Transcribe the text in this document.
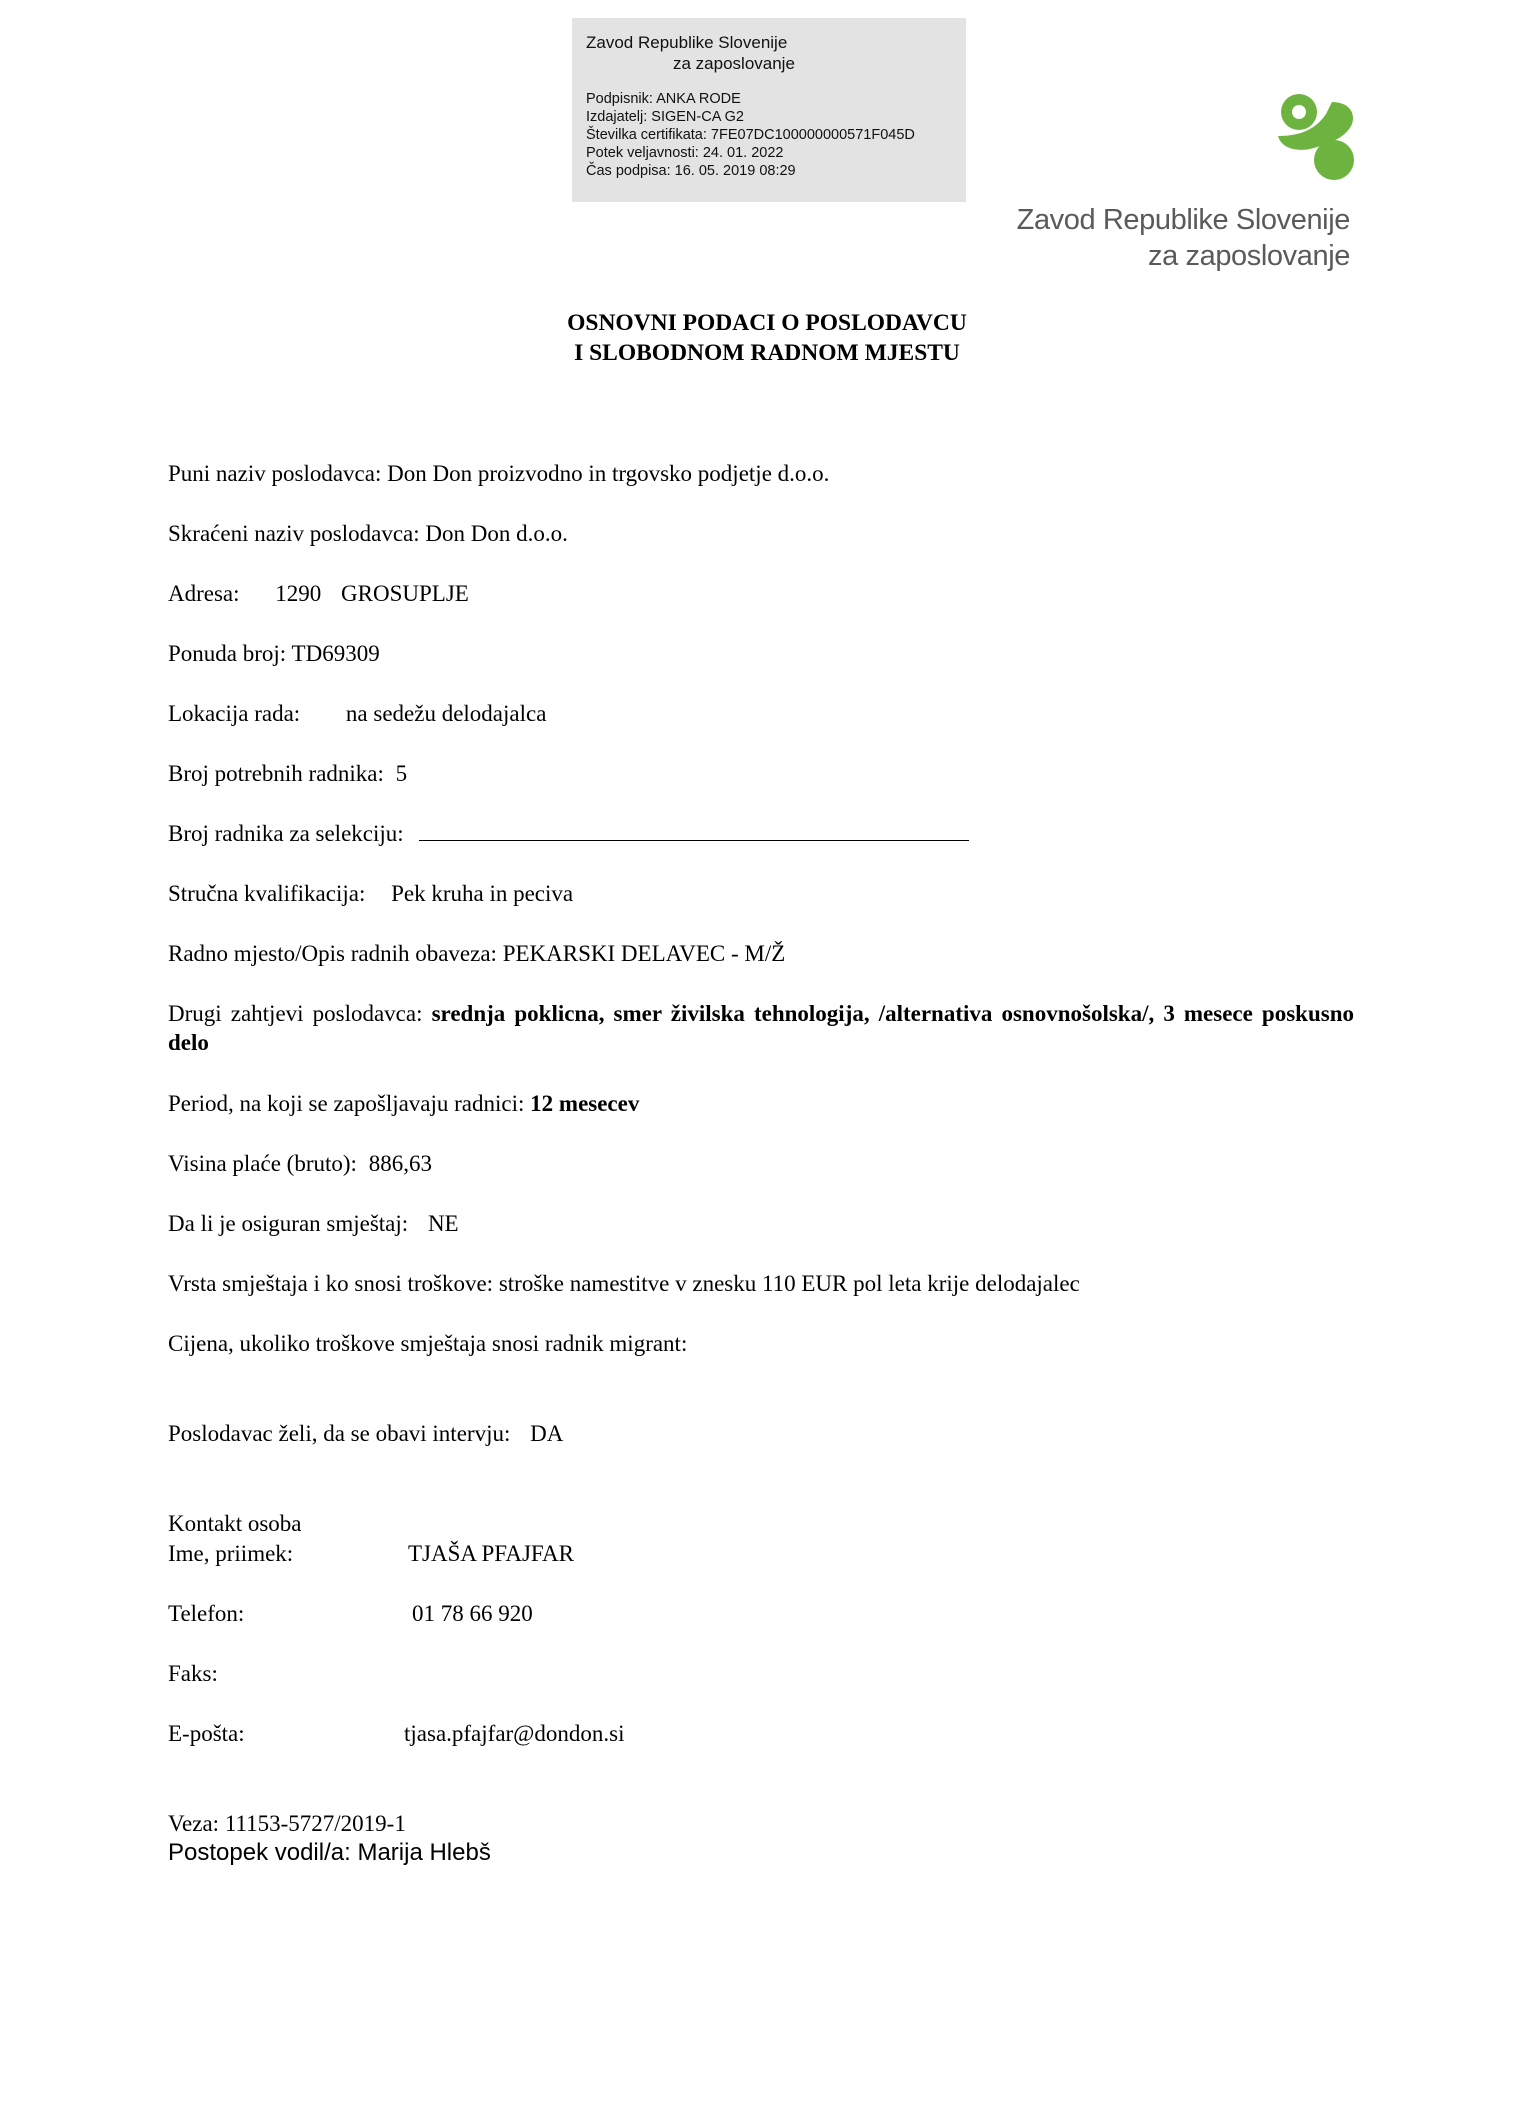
Zavod Republike Slovenije
za zaposlovanje
Podpisnik: ANKA RODE
Izdajatelj: SIGEN-CA G2
Številka certifikata: 7FE07DC100000000571F045D
Potek veljavnosti: 24. 01. 2022
Čas podpisa: 16. 05. 2019 08:29
Zavod Republike Slovenije
za zaposlovanje
OSNOVNI PODACI O POSLODAVCU
I SLOBODNOM RADNOM MJESTU
Puni naziv poslodavca: Don Don proizvodno in trgovsko podjetje d.o.o.
Skraćeni naziv poslodavca: Don Don d.o.o.
Adresa: 1290 GROSUPLJE
Ponuda broj: TD69309
Lokacija rada: na sedežu delodajalca
Broj potrebnih radnika: 5
Broj radnika za selekciju:
Stručna kvalifikacija: Pek kruha in peciva
Radno mjesto/Opis radnih obaveza: PEKARSKI DELAVEC - M/Ž
Drugi zahtjevi poslodavca: srednja poklicna, smer živilska tehnologija, /alternativa osnovnošolska/, 3 mesece poskusno delo
Period, na koji se zapošljavaju radnici: 12 mesecev
Visina plaće (bruto): 886,63
Da li je osiguran smještaj: NE
Vrsta smještaja i ko snosi troškove: stroške namestitve v znesku 110 EUR pol leta krije delodajalec
Cijena, ukoliko troškove smještaja snosi radnik migrant:
Poslodavac želi, da se obavi intervju: DA
Kontakt osoba
Ime, priimek:	TJAŠA PFAJFAR
Telefon:	01 78 66 920
Faks:
E-pošta:	tjasa.pfajfar@dondon.si
Veza: 11153-5727/2019-1
Postopek vodil/a: Marija Hlebš
